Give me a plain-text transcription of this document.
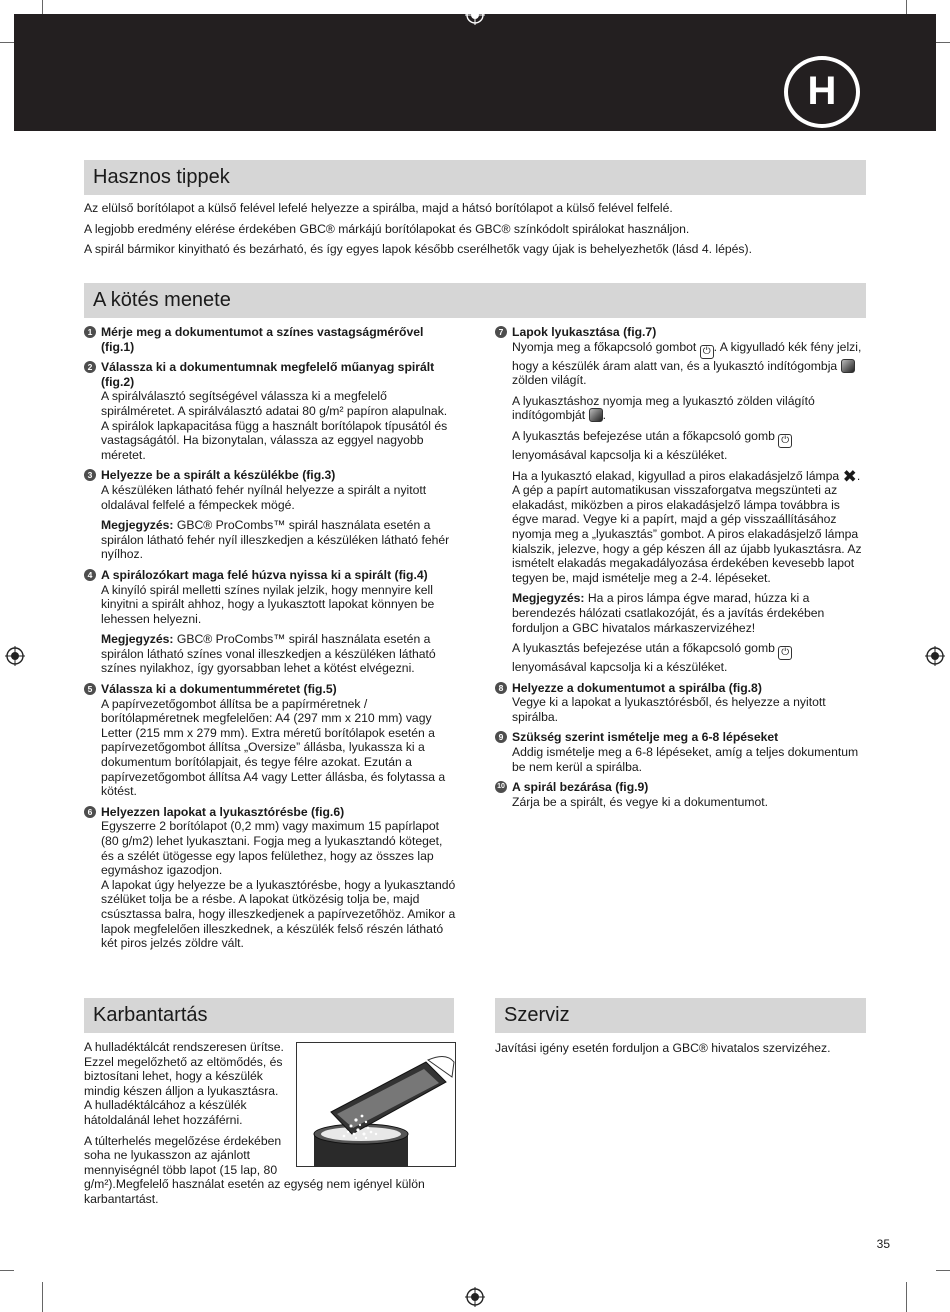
H
Hasznos tippek

Az elülső borítólapot a külső felével lefelé helyezze a spirálba, majd a hátsó borítólapot a külső felével felfelé.

A legjobb eredmény elérése érdekében GBC® márkájú borítólapokat és GBC® színkódolt spirálokat használjon.

A spirál bármikor kinyitható és bezárható, és így egyes lapok később cserélhetők vagy újak is behelyezhetők (lásd 4. lépés).

A kötés menete
1 Mérje meg a dokumentumot a színes vastagságmérővel (fig.1)
2 Válassza ki a dokumentumnak megfelelő műanyag spirált (fig.2)

A spirálválasztó segítségével válassza ki a megfelelő spirálméretet. A spirálválasztó adatai 80 g/m² papíron alapulnak. A spirálok lapkapacitása függ a használt borítólapok típusától és vastagságától. Ha bizonytalan, válassza az eggyel nagyobb méretet.

3 Helyezze be a spirált a készülékbe (fig.3)

A készüléken látható fehér nyílnál helyezze a spirált a nyitott oldalával felfelé a fémpeckek mögé.

Megjegyzés: GBC® ProCombs™ spirál használata esetén a spirálon látható fehér nyíl illeszkedjen a készüléken látható fehér nyílhoz.

4 A spirálozókart maga felé húzva nyissa ki a spirált (fig.4)

A kinyíló spirál melletti színes nyilak jelzik, hogy mennyire kell kinyitni a spirált ahhoz, hogy a lyukasztott lapokat könnyen be lehessen helyezni.

Megjegyzés: GBC® ProCombs™ spirál használata esetén a spirálon látható színes vonal illeszkedjen a készüléken látható színes nyilakhoz, így gyorsabban lehet a kötést elvégezni.

5 Válassza ki a dokumentumméretet (fig.5)

A papírvezetőgombot állítsa be a papírméretnek / borítólapméretnek megfelelően: A4 (297 mm x 210 mm) vagy Letter (215 mm x 279 mm). Extra méretű borítólapok esetén a papírvezetőgombot állítsa „Oversize” állásba, lyukassza ki a dokumentum borítólapjait, és tegye félre azokat. Ezután a papírvezetőgombot állítsa A4 vagy Letter állásba, és folytassa a kötést.

6 Helyezzen lapokat a lyukasztórésbe (fig.6)

Egyszerre 2 borítólapot (0,2 mm) vagy maximum 15 papírlapot (80 g/m2) lehet lyukasztani. Fogja meg a lyukasztandó köteget, és a szélét ütögesse egy lapos felülethez, hogy az összes lap egymáshoz igazodjon.

A lapokat úgy helyezze be a lyukasztórésbe, hogy a lyukasztandó szélüket tolja be a résbe. A lapokat ütközésig tolja be, majd csúsztassa balra, hogy illeszkedjenek a papírvezetőhöz. Amikor a lapok megfelelően illeszkednek, a készülék felső részén látható két piros jelzés zöldre vált.

7 Lapok lyukasztása (fig.7)

Nyomja meg a főkapcsoló gombot ⏻ . A kigyulladó kék fény jelzi, hogy a készülék áram alatt van, és a lyukasztó indítógombja  zölden világít.

A lyukasztáshoz nyomja meg a lyukasztó zölden világító indítógombját .

A lyukasztás befejezése után a főkapcsoló gomb ⏻ lenyomásával kapcsolja ki a készüléket.

Ha a lyukasztó elakad, kigyullad a piros elakadásjelző lámpa ✖. A gép a papírt automatikusan visszaforgatva megszünteti az elakadást, miközben a piros elakadásjelző lámpa továbbra is égve marad. Vegye ki a papírt, majd a gép visszaállításához nyomja meg a „lyukasztás” gombot. A piros elakadásjelző lámpa kialszik, jelezve, hogy a gép készen áll az újabb lyukasztásra. Az ismételt elakadás megakadályozása érdekében kevesebb lapot tegyen be, majd ismételje meg a 2-4. lépéseket.

Megjegyzés: Ha a piros lámpa égve marad, húzza ki a berendezés hálózati csatlakozóját, és a javítás érdekében forduljon a GBC hivatalos márkaszervizéhez!

A lyukasztás befejezése után a főkapcsoló gomb ⏻ lenyomásával kapcsolja ki a készüléket.

8 Helyezze a dokumentumot a spirálba (fig.8)

Vegye ki a lapokat a lyukasztórésből, és helyezze a nyitott spirálba.

9 Szükség szerint ismételje meg a 6-8 lépéseket

Addig ismételje meg a 6-8 lépéseket, amíg a teljes dokumentum be nem kerül a spirálba.

10 A spirál bezárása (fig.9)

Zárja be a spirált, és vegye ki a dokumentumot.

Karbantartás

A hulladéktálcát rendszeresen ürítse. Ezzel megelőzhető az eltömődés, és biztosítani lehet, hogy a készülék mindig készen álljon a lyukasztásra. A hulladéktálcához a készülék hátoldalánál lehet hozzáférni.

A túlterhelés megelőzése érdekében soha ne lyukasszon az ajánlott mennyiségnél több lapot (15 lap, 80 g/m²).Megfelelő használat esetén az egység nem igényel külön karbantartást.

Szerviz
Javítási igény esetén forduljon a GBC® hivatalos szervizéhez.
35
